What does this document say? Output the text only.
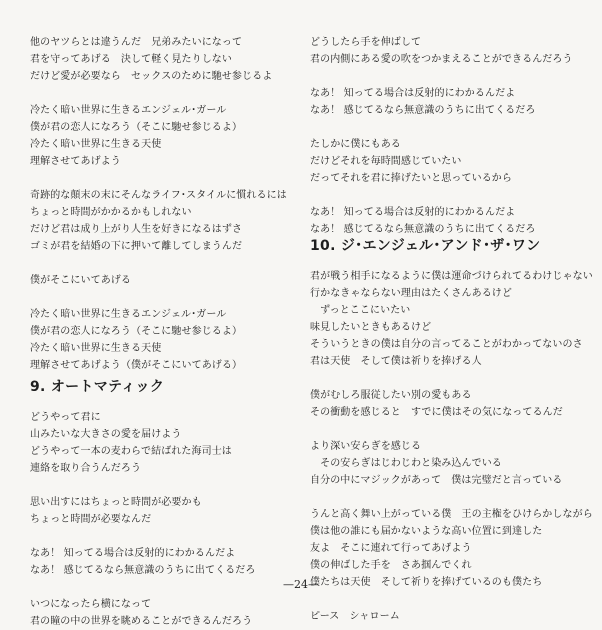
他のヤツらとは違うんだ　兄弟みたいになって
君を守ってあげる　決して軽く見たりしない
だけど愛が必要なら　セックスのために馳せ参じるよ
冷たく暗い世界に生きるエンジェル･ガール
僕が君の恋人になろう（そこに馳せ参じるよ）
冷たく暗い世界に生きる天使
理解させてあげよう
奇跡的な顛末の末にそんなライフ･スタイルに慣れるには
ちょっと時間がかかるかもしれない
だけど君は成り上がり人生を好きになるはずさ
ゴミが君を結婚の下に押いて離してしまうんだ
僕がそこにいてあげる
冷たく暗い世界に生きるエンジェル･ガール
僕が君の恋人になろう（そこに馳せ参じるよ）
冷たく暗い世界に生きる天使
理解させてあげよう（僕がそこにいてあげる）
9. オートマティック
どうやって君に
山みたいな大きさの愛を届けよう
どうやって一本の麦わらで結ばれた海司士は
連絡を取り合うんだろう
思い出すにはちょっと時間が必要かも
ちょっと時間が必要なんだ
なあ！ 知ってる場合は反射的にわかるんだよ
なあ！ 感じてるなら無意識のうちに出てくるだろ
いつになったら横になって
君の瞳の中の世界を眺めることができるんだろう
どうしたら手を伸ばして
君の内側にある愛の吹をつかまえることができるんだろう
なあ！ 知ってる場合は反射的にわかるんだよ
なあ！ 感じてるなら無意識のうちに出てくるだろ
たしかに僕にもある
だけどそれを毎時間感じていたい
だってそれを君に捧げたいと思っているから
なあ！ 知ってる場合は反射的にわかるんだよ
なあ！ 感じてるなら無意識のうちに出てくるだろ
10. ジ･エンジェル･アンド･ザ･ワン
君が戦う相手になるように僕は運命づけられてるわけじゃない
行かなきゃならない理由はたくさんあるけど
　ずっとここにいたい
味見したいときもあるけど
そういうときの僕は自分の言ってることがわかってないのさ
君は天使　そして僕は祈りを捧げる人
僕がむしろ服従したい別の愛もある
その衝動を感じると　すでに僕はその気になってるんだ
より深い安らぎを感じる
　その安らぎはじわじわと染み込んでいる
自分の中にマジックがあって　僕は完璧だと言っている
うんと高く舞い上がっている僕　王の主権をひけらかしながら
僕は他の誰にも届かないような高い位置に到達した
友よ　そこに連れて行ってあげよう
僕の伸ばした手を　さあ掴んでくれ
僕たちは天使　そして祈りを捧げているのも僕たち
ピース　シャローム
—24—
